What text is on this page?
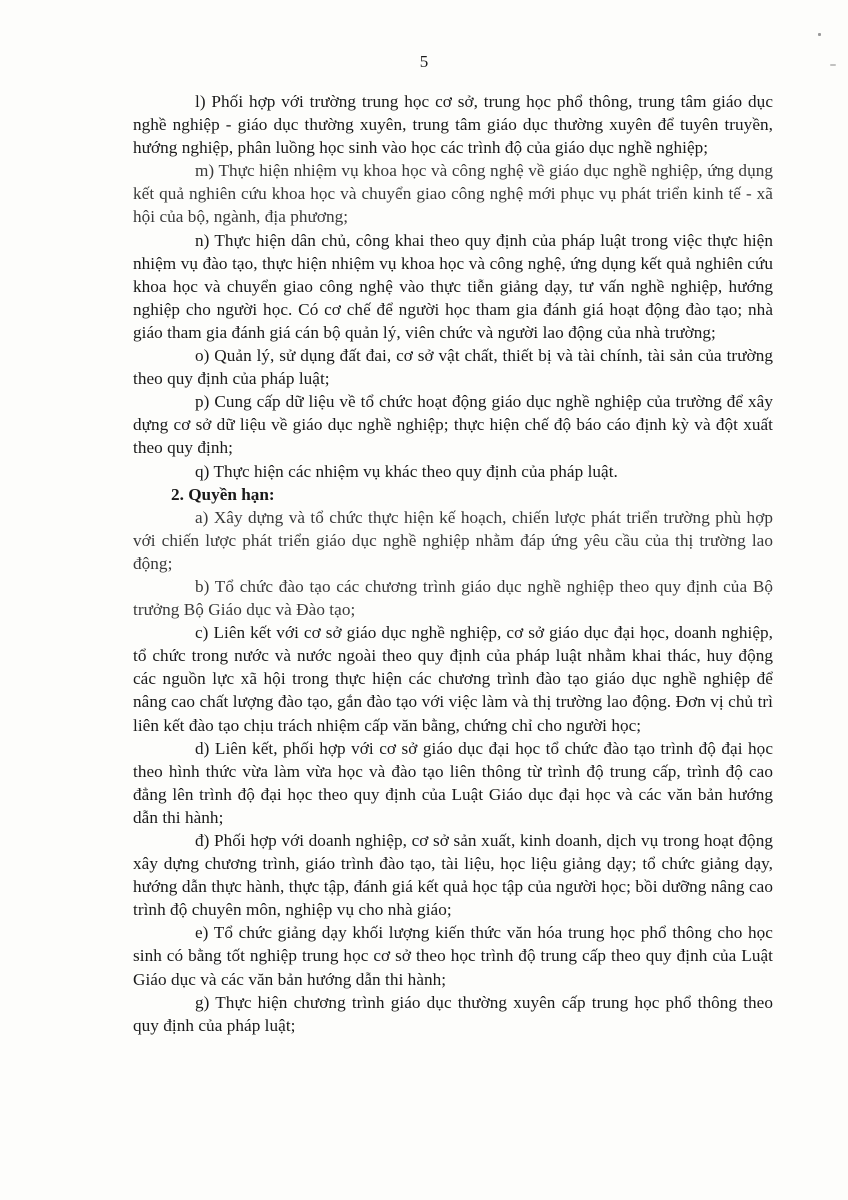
5

l) Phối hợp với trường trung học cơ sở, trung học phổ thông, trung tâm giáo dục nghề nghiệp - giáo dục thường xuyên, trung tâm giáo dục thường xuyên để tuyên truyền, hướng nghiệp, phân luồng học sinh vào học các trình độ của giáo dục nghề nghiệp;

m) Thực hiện nhiệm vụ khoa học và công nghệ về giáo dục nghề nghiệp, ứng dụng kết quả nghiên cứu khoa học và chuyển giao công nghệ mới phục vụ phát triển kinh tế - xã hội của bộ, ngành, địa phương;

n) Thực hiện dân chủ, công khai theo quy định của pháp luật trong việc thực hiện nhiệm vụ đào tạo, thực hiện nhiệm vụ khoa học và công nghệ, ứng dụng kết quả nghiên cứu khoa học và chuyển giao công nghệ vào thực tiễn giảng dạy, tư vấn nghề nghiệp, hướng nghiệp cho người học. Có cơ chế để người học tham gia đánh giá hoạt động đào tạo; nhà giáo tham gia đánh giá cán bộ quản lý, viên chức và người lao động của nhà trường;

o) Quản lý, sử dụng đất đai, cơ sở vật chất, thiết bị và tài chính, tài sản của trường theo quy định của pháp luật;

p) Cung cấp dữ liệu về tổ chức hoạt động giáo dục nghề nghiệp của trường để xây dựng cơ sở dữ liệu về giáo dục nghề nghiệp; thực hiện chế độ báo cáo định kỳ và đột xuất theo quy định;

q) Thực hiện các nhiệm vụ khác theo quy định của pháp luật.

2. Quyền hạn:

a) Xây dựng và tổ chức thực hiện kế hoạch, chiến lược phát triển trường phù hợp với chiến lược phát triển giáo dục nghề nghiệp nhằm đáp ứng yêu cầu của thị trường lao động;

b) Tổ chức đào tạo các chương trình giáo dục nghề nghiệp theo quy định của Bộ trưởng Bộ Giáo dục và Đào tạo;

c) Liên kết với cơ sở giáo dục nghề nghiệp, cơ sở giáo dục đại học, doanh nghiệp, tổ chức trong nước và nước ngoài theo quy định của pháp luật nhằm khai thác, huy động các nguồn lực xã hội trong thực hiện các chương trình đào tạo giáo dục nghề nghiệp để nâng cao chất lượng đào tạo, gắn đào tạo với việc làm và thị trường lao động. Đơn vị chủ trì liên kết đào tạo chịu trách nhiệm cấp văn bằng, chứng chỉ cho người học;

d) Liên kết, phối hợp với cơ sở giáo dục đại học tổ chức đào tạo trình độ đại học theo hình thức vừa làm vừa học và đào tạo liên thông từ trình độ trung cấp, trình độ cao đẳng lên trình độ đại học theo quy định của Luật Giáo dục đại học và các văn bản hướng dẫn thi hành;

đ) Phối hợp với doanh nghiệp, cơ sở sản xuất, kinh doanh, dịch vụ trong hoạt động xây dựng chương trình, giáo trình đào tạo, tài liệu, học liệu giảng dạy; tổ chức giảng dạy, hướng dẫn thực hành, thực tập, đánh giá kết quả học tập của người học; bồi dưỡng nâng cao trình độ chuyên môn, nghiệp vụ cho nhà giáo;

e) Tổ chức giảng dạy khối lượng kiến thức văn hóa trung học phổ thông cho học sinh có bằng tốt nghiệp trung học cơ sở theo học trình độ trung cấp theo quy định của Luật Giáo dục và các văn bản hướng dẫn thi hành;

g) Thực hiện chương trình giáo dục thường xuyên cấp trung học phổ thông theo quy định của pháp luật;
